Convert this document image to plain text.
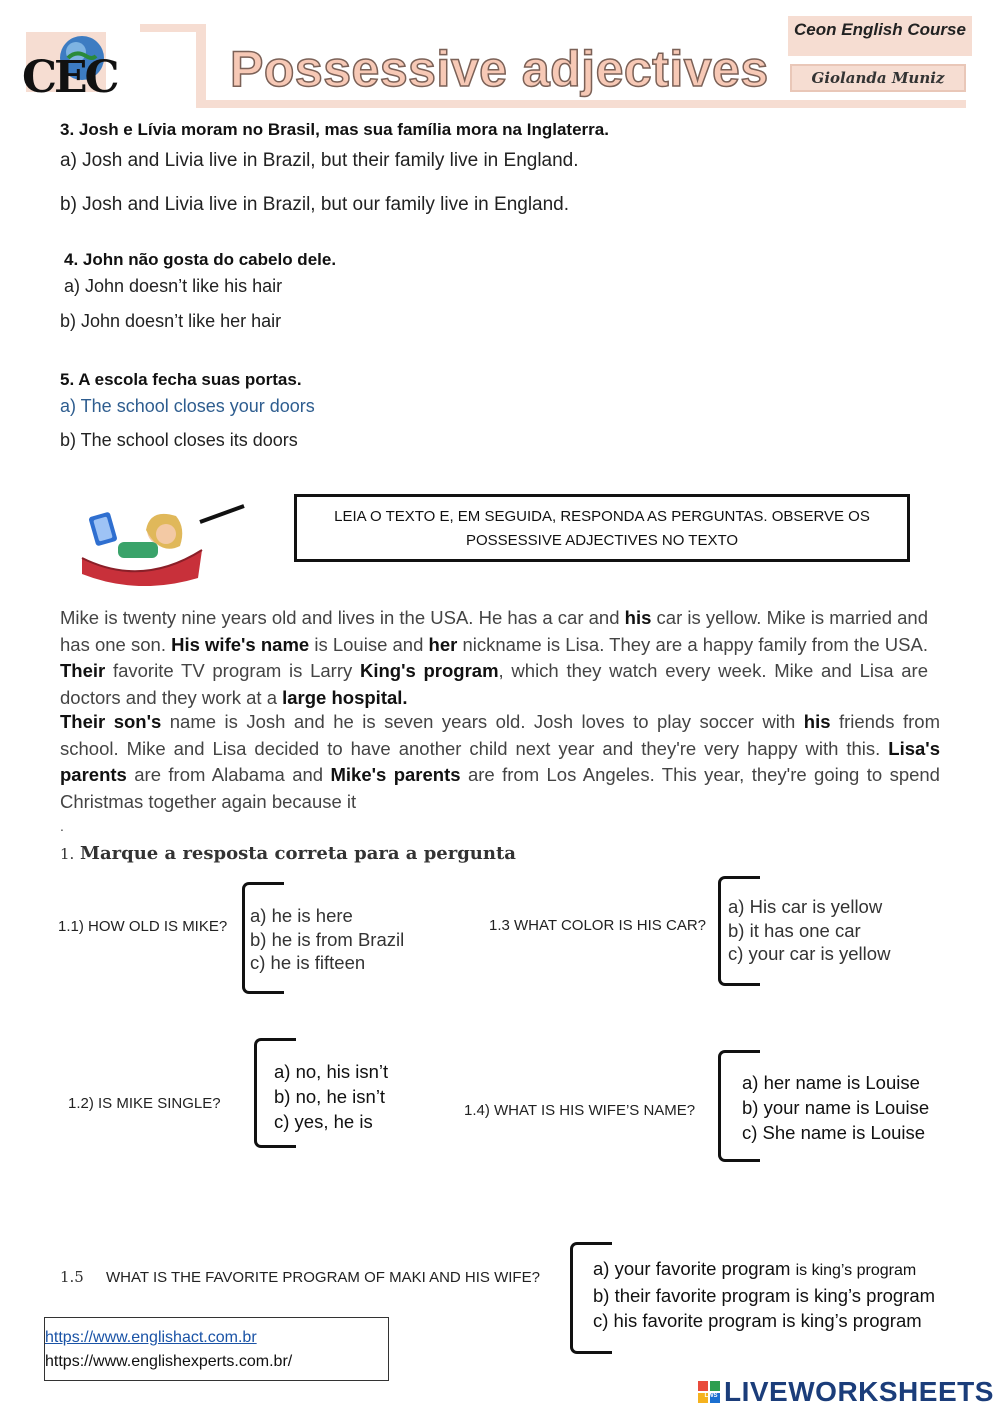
CEC Possessive adjectives
Ceon English Course
Giolanda Muniz
3. Josh e Lívia moram no Brasil, mas sua família mora na Inglaterra.
a) Josh and Livia live in Brazil, but their family live in England.
b) Josh and Livia live in Brazil, but our family live in England.
4. John não gosta do cabelo dele.
a) John doesn’t like his hair
b) John doesn’t like her hair
5. A escola fecha suas portas.
a) The school closes your doors
b) The school closes its doors
LEIA O TEXTO E, EM SEGUIDA, RESPONDA AS PERGUNTAS. OBSERVE OS
POSSESSIVE ADJECTIVES NO TEXTO
Mike is twenty nine years old and lives in the USA. He has a car and his car is yellow. Mike is married and has one son. His wife's name is Louise and her nickname is Lisa. They are a happy family from the USA. Their favorite TV program is Larry King's program, which they watch every week. Mike and Lisa are doctors and they work at a large hospital.
Their son's name is Josh and he is seven years old. Josh loves to play soccer with his friends from school. Mike and Lisa decided to have another child next year and they're very happy with this. Lisa's parents are from Alabama and Mike's parents are from Los Angeles. This year, they're going to spend Christmas together again because it
.
1. Marque a resposta correta para a pergunta
1.1) HOW OLD IS MIKE?
a) he is here
b) he is from Brazil
c) he is fifteen
1.3 WHAT COLOR IS HIS CAR?
a) His car is yellow
b) it has one car
c) your car is yellow
1.2) IS MIKE SINGLE?
a) no, his isn’t
b) no, he isn’t
c) yes, he is
1.4) WHAT IS HIS WIFE’S NAME?
a) her name is Louise
b) your name is Louise
c) She name is Louise
1.5 WHAT IS THE FAVORITE PROGRAM OF MAKI AND HIS WIFE?	a) your favorite program is king’s program
b) their favorite program is king’s program
c) his favorite program is king’s program
https://www.englishact.com.br
https://www.englishexperts.com.br/
LIVEWORKSHEETS
LWS
